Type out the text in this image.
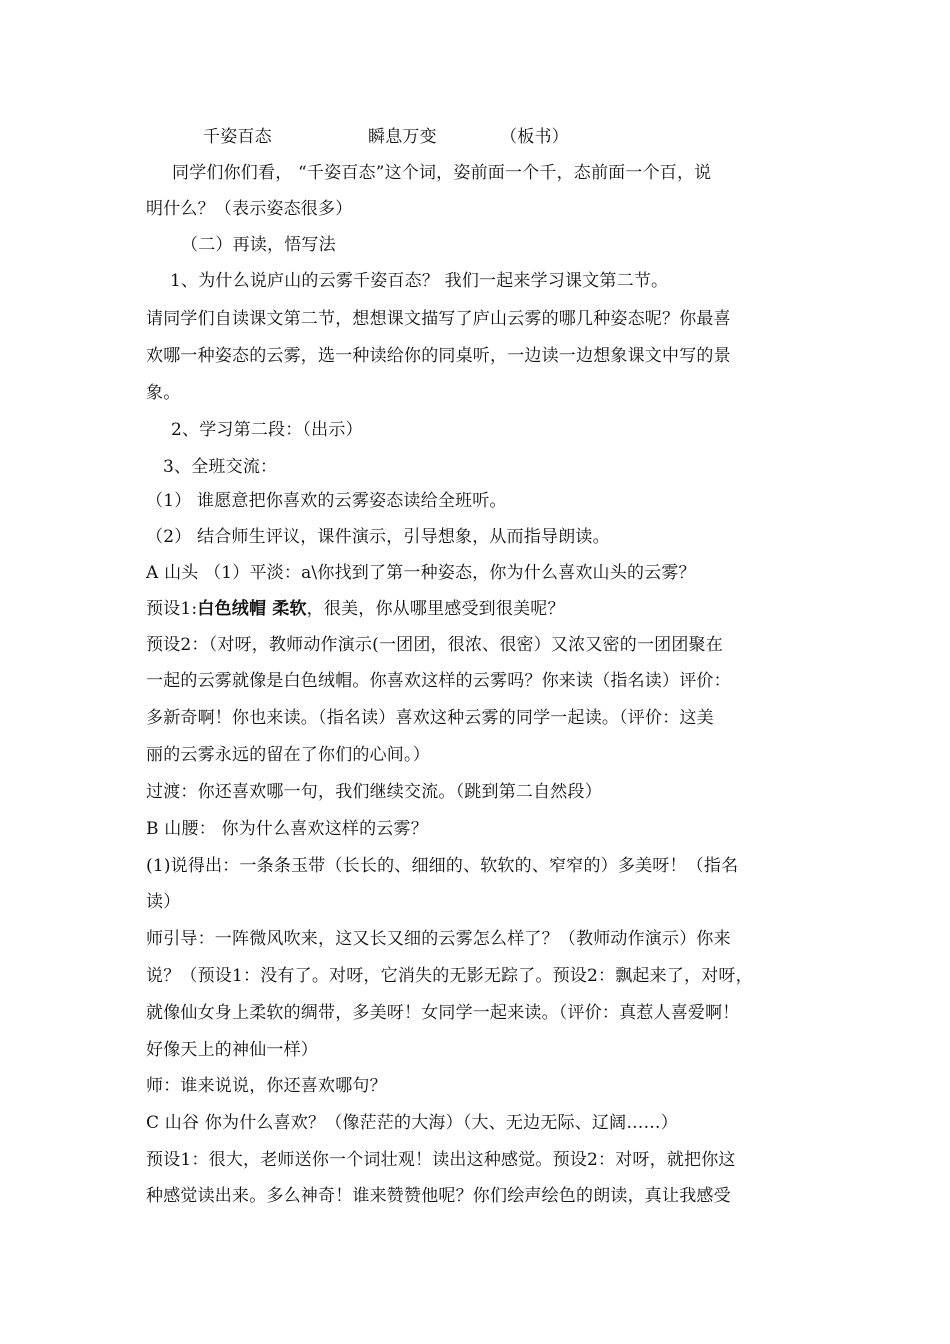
千姿百态	瞬息万变	（板书）
同学们你们看， “千姿百态”这个词，姿前面一个千，态前面一个百，说
明什么？（表示姿态很多）
（二）再读，悟写法
1、为什么说庐山的云雾千姿百态？ 我们一起来学习课文第二节。
请同学们自读课文第二节，想想课文描写了庐山云雾的哪几种姿态呢？你最喜
欢哪一种姿态的云雾，选一种读给你的同桌听，一边读一边想象课文中写的景
象。
2、学习第二段：（出示）
3、全班交流：
（1） 谁愿意把你喜欢的云雾姿态读给全班听。
（2） 结合师生评议，课件演示，引导想象，从而指导朗读。
A 山头 （1）平淡：a\你找到了第一种姿态，你为什么喜欢山头的云雾？
预设1:白色绒帽 柔软，很美，你从哪里感受到很美呢？
预设2：（对呀，教师动作演示(一团团，很浓、很密）又浓又密的一团团聚在
一起的云雾就像是白色绒帽。你喜欢这样的云雾吗？你来读（指名读）评价：
多新奇啊！你也来读。（指名读）喜欢这种云雾的同学一起读。（评价：这美
丽的云雾永远的留在了你们的心间。）
过渡：你还喜欢哪一句，我们继续交流。（跳到第二自然段）
B 山腰： 你为什么喜欢这样的云雾？
(1)说得出：一条条玉带（长长的、细细的、软软的、窄窄的）多美呀！（指名
读）
师引导：一阵微风吹来，这又长又细的云雾怎么样了？（教师动作演示）你来
说？（预设1：没有了。对呀，它消失的无影无踪了。预设2：飘起来了，对呀，
就像仙女身上柔软的绸带，多美呀！女同学一起来读。（评价：真惹人喜爱啊！
好像天上的神仙一样）
师：谁来说说，你还喜欢哪句？
C 山谷 你为什么喜欢？（像茫茫的大海）（大、无边无际、辽阔……）
预设1：很大，老师送你一个词壮观！读出这种感觉。预设2：对呀，就把你这
种感觉读出来。多么神奇！谁来赞赞他呢？你们绘声绘色的朗读，真让我感受
